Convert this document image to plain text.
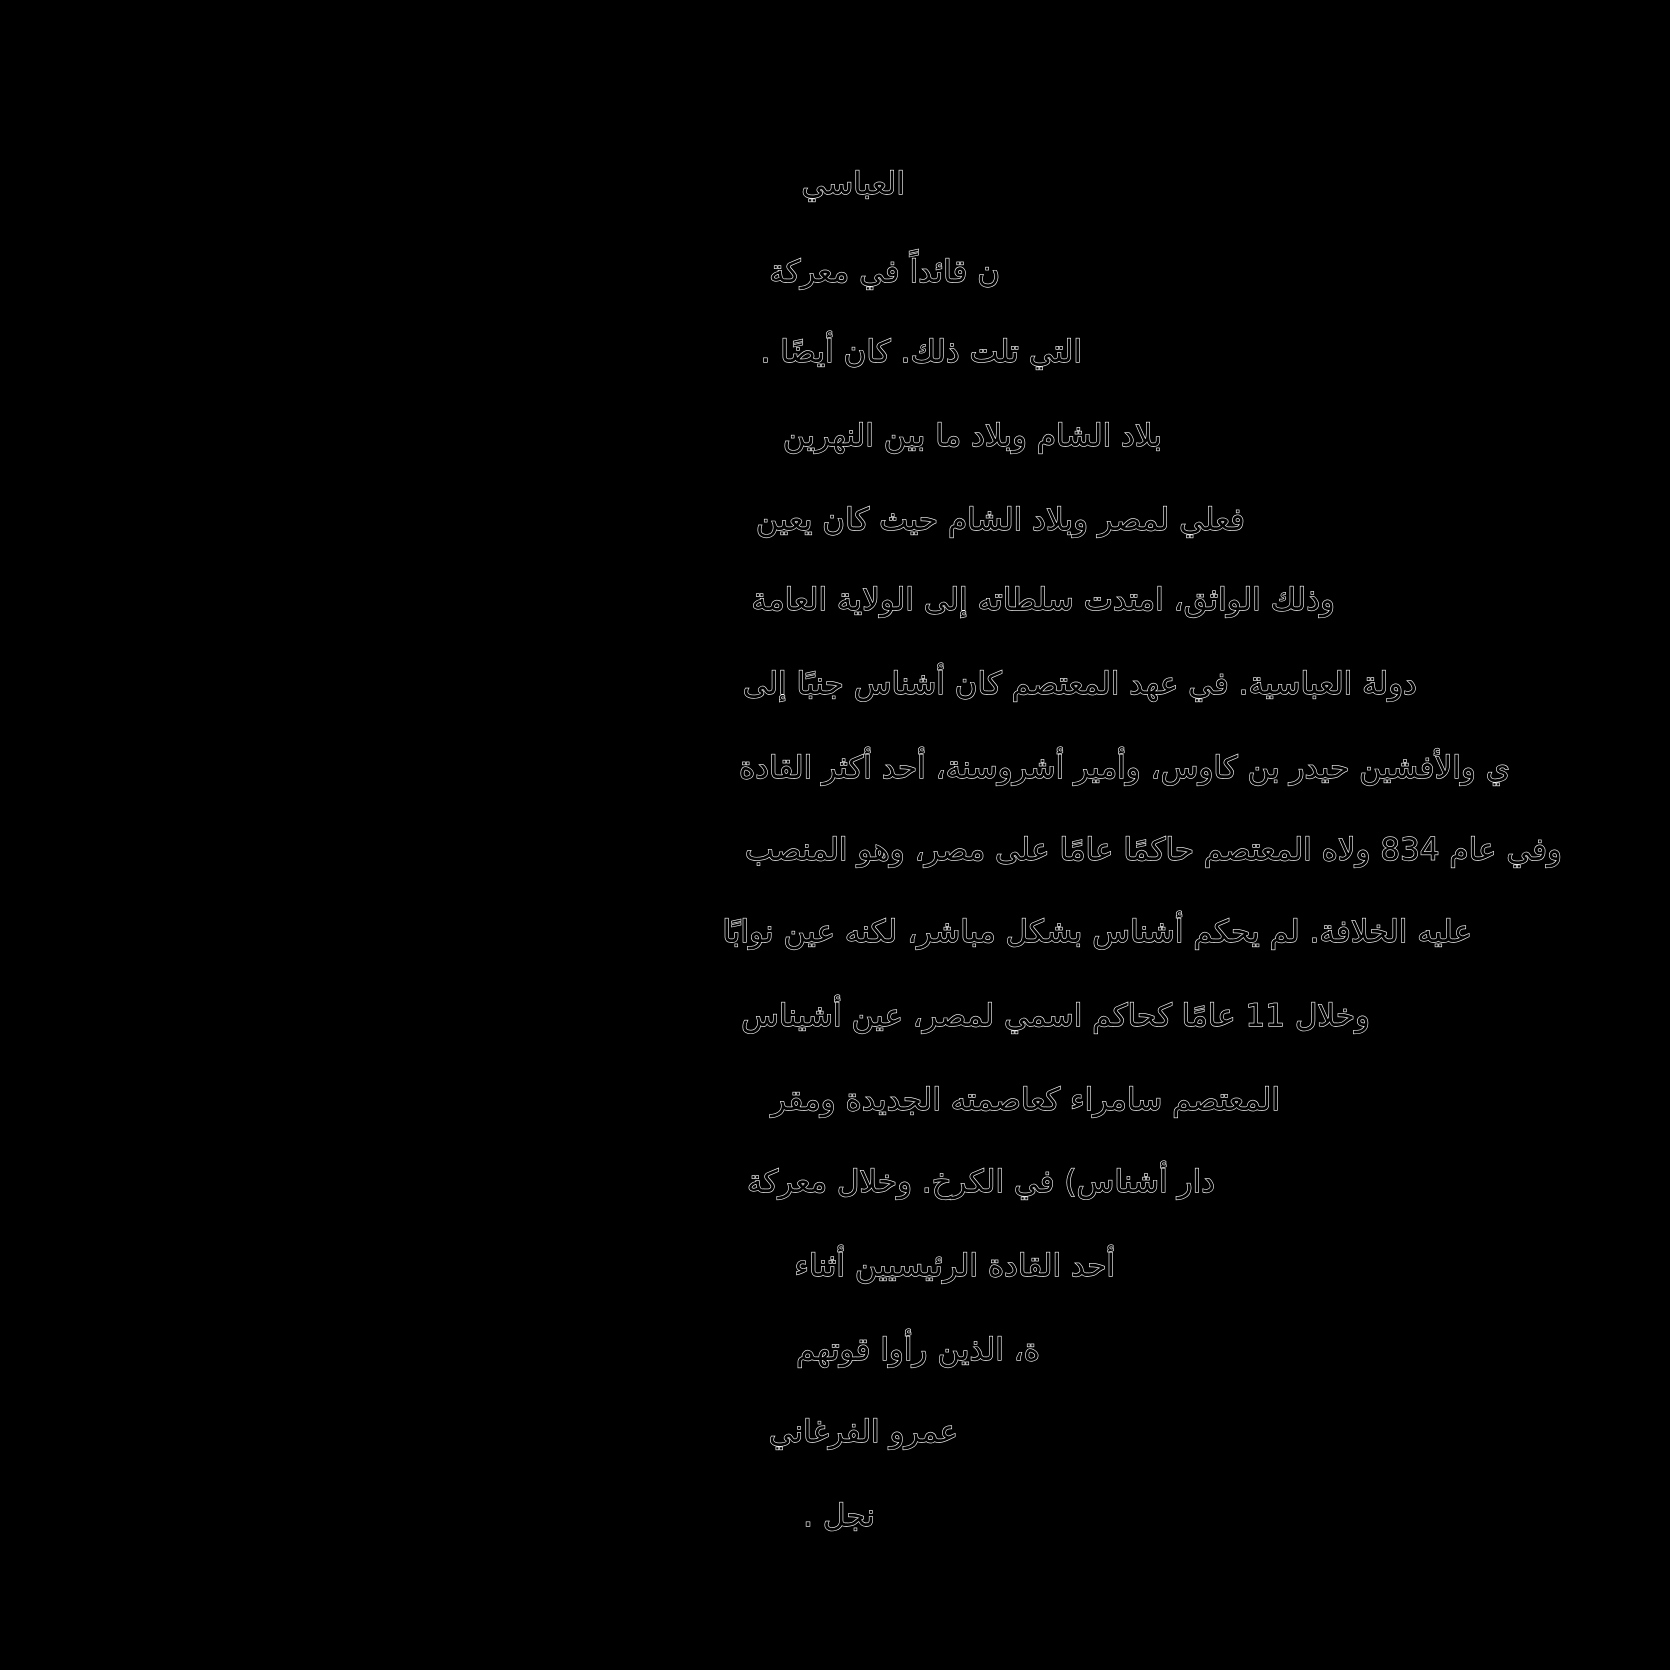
العباسي
ن قائداً في معركة
التي تلت ذلك. كان أيضًا .
بلاد الشام وبلاد ما بين النهرين
فعلي لمصر وبلاد الشام حيث كان يعين
وذلك الواثق، امتدت سلطاته إلى الولاية العامة
دولة العباسية. في عهد المعتصم كان أشناس جنبًا إلى
ي والأفشين حيدر بن كاوس، وأمير أشروسنة، أحد أكثر القادة
وفي عام 834 ولاه المعتصم حاكمًا عامًا على مصر، وهو المنصب
عليه الخلافة. لم يحكم أشناس بشكل مباشر، لكنه عين نوابًا
وخلال 11 عامًا كحاكم اسمي لمصر، عين أشيناس
المعتصم سامراء كعاصمته الجديدة ومقر
دار أشناس) في الكرخ. وخلال معركة
أحد القادة الرئيسيين أثناء
ة، الذين رأوا قوتهم
عمرو الفرغاني
نجل .
